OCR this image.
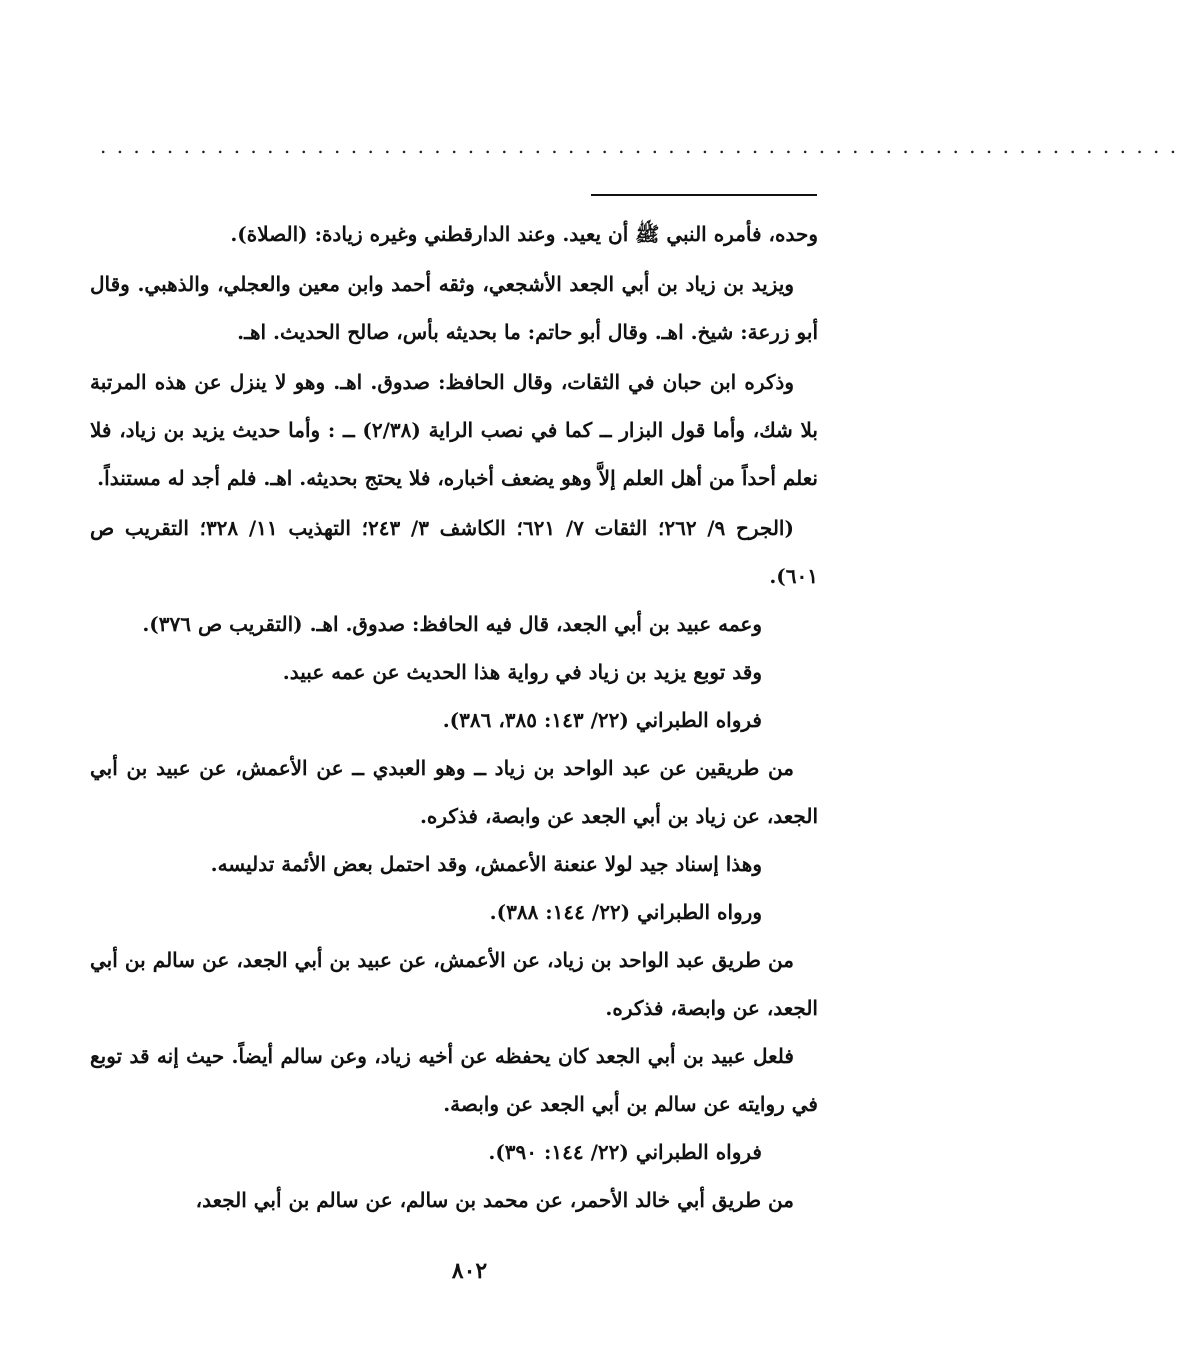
. . . . . . . . . . . . . . . . . . . . . . . . . . . . . . . . . . . . . . . . . . . . . . . . . . . . . . . . . . . . . . . . .

وحده، فأمره النبي ﷺ أن يعيد. وعند الدارقطني وغيره زيادة: (الصلاة).

ويزيد بن زياد بن أبي الجعد الأشجعي، وثقه أحمد وابن معين والعجلي، والذهبي. وقال أبو زرعة: شيخ. اهـ. وقال أبو حاتم: ما بحديثه بأس، صالح الحديث. اهـ.

وذكره ابن حبان في الثقات، وقال الحافظ: صدوق. اهـ. وهو لا ينزل عن هذه المرتبة بلا شك، وأما قول البزار ــ كما في نصب الراية (٢/٣٨) ــ : وأما حديث يزيد بن زياد، فلا نعلم أحداً من أهل العلم إلاَّ وهو يضعف أخباره، فلا يحتج بحديثه. اهـ. فلم أجد له مستنداً.

(الجرح ٩/ ٢٦٢؛ الثقات ٧/ ٦٢١؛ الكاشف ٣/ ٢٤٣؛ التهذيب ١١/ ٣٢٨؛ التقريب ص ٦٠١).

وعمه عبيد بن أبي الجعد، قال فيه الحافظ: صدوق. اهـ. (التقريب ص ٣٧٦).

وقد توبع يزيد بن زياد في رواية هذا الحديث عن عمه عبيد.

فرواه الطبراني (٢٢/ ١٤٣: ٣٨٥، ٣٨٦).

من طريقين عن عبد الواحد بن زياد ــ وهو العبدي ــ عن الأعمش، عن عبيد بن أبي الجعد، عن زياد بن أبي الجعد عن وابصة، فذكره.

وهذا إسناد جيد لولا عنعنة الأعمش، وقد احتمل بعض الأئمة تدليسه.

ورواه الطبراني (٢٢/ ١٤٤: ٣٨٨).

من طريق عبد الواحد بن زياد، عن الأعمش، عن عبيد بن أبي الجعد، عن سالم بن أبي الجعد، عن وابصة، فذكره.

فلعل عبيد بن أبي الجعد كان يحفظه عن أخيه زياد، وعن سالم أيضاً. حيث إنه قد توبع في روايته عن سالم بن أبي الجعد عن وابصة.

فرواه الطبراني (٢٢/ ١٤٤: ٣٩٠).

من طريق أبي خالد الأحمر، عن محمد بن سالم، عن سالم بن أبي الجعد،

٨٠٢
